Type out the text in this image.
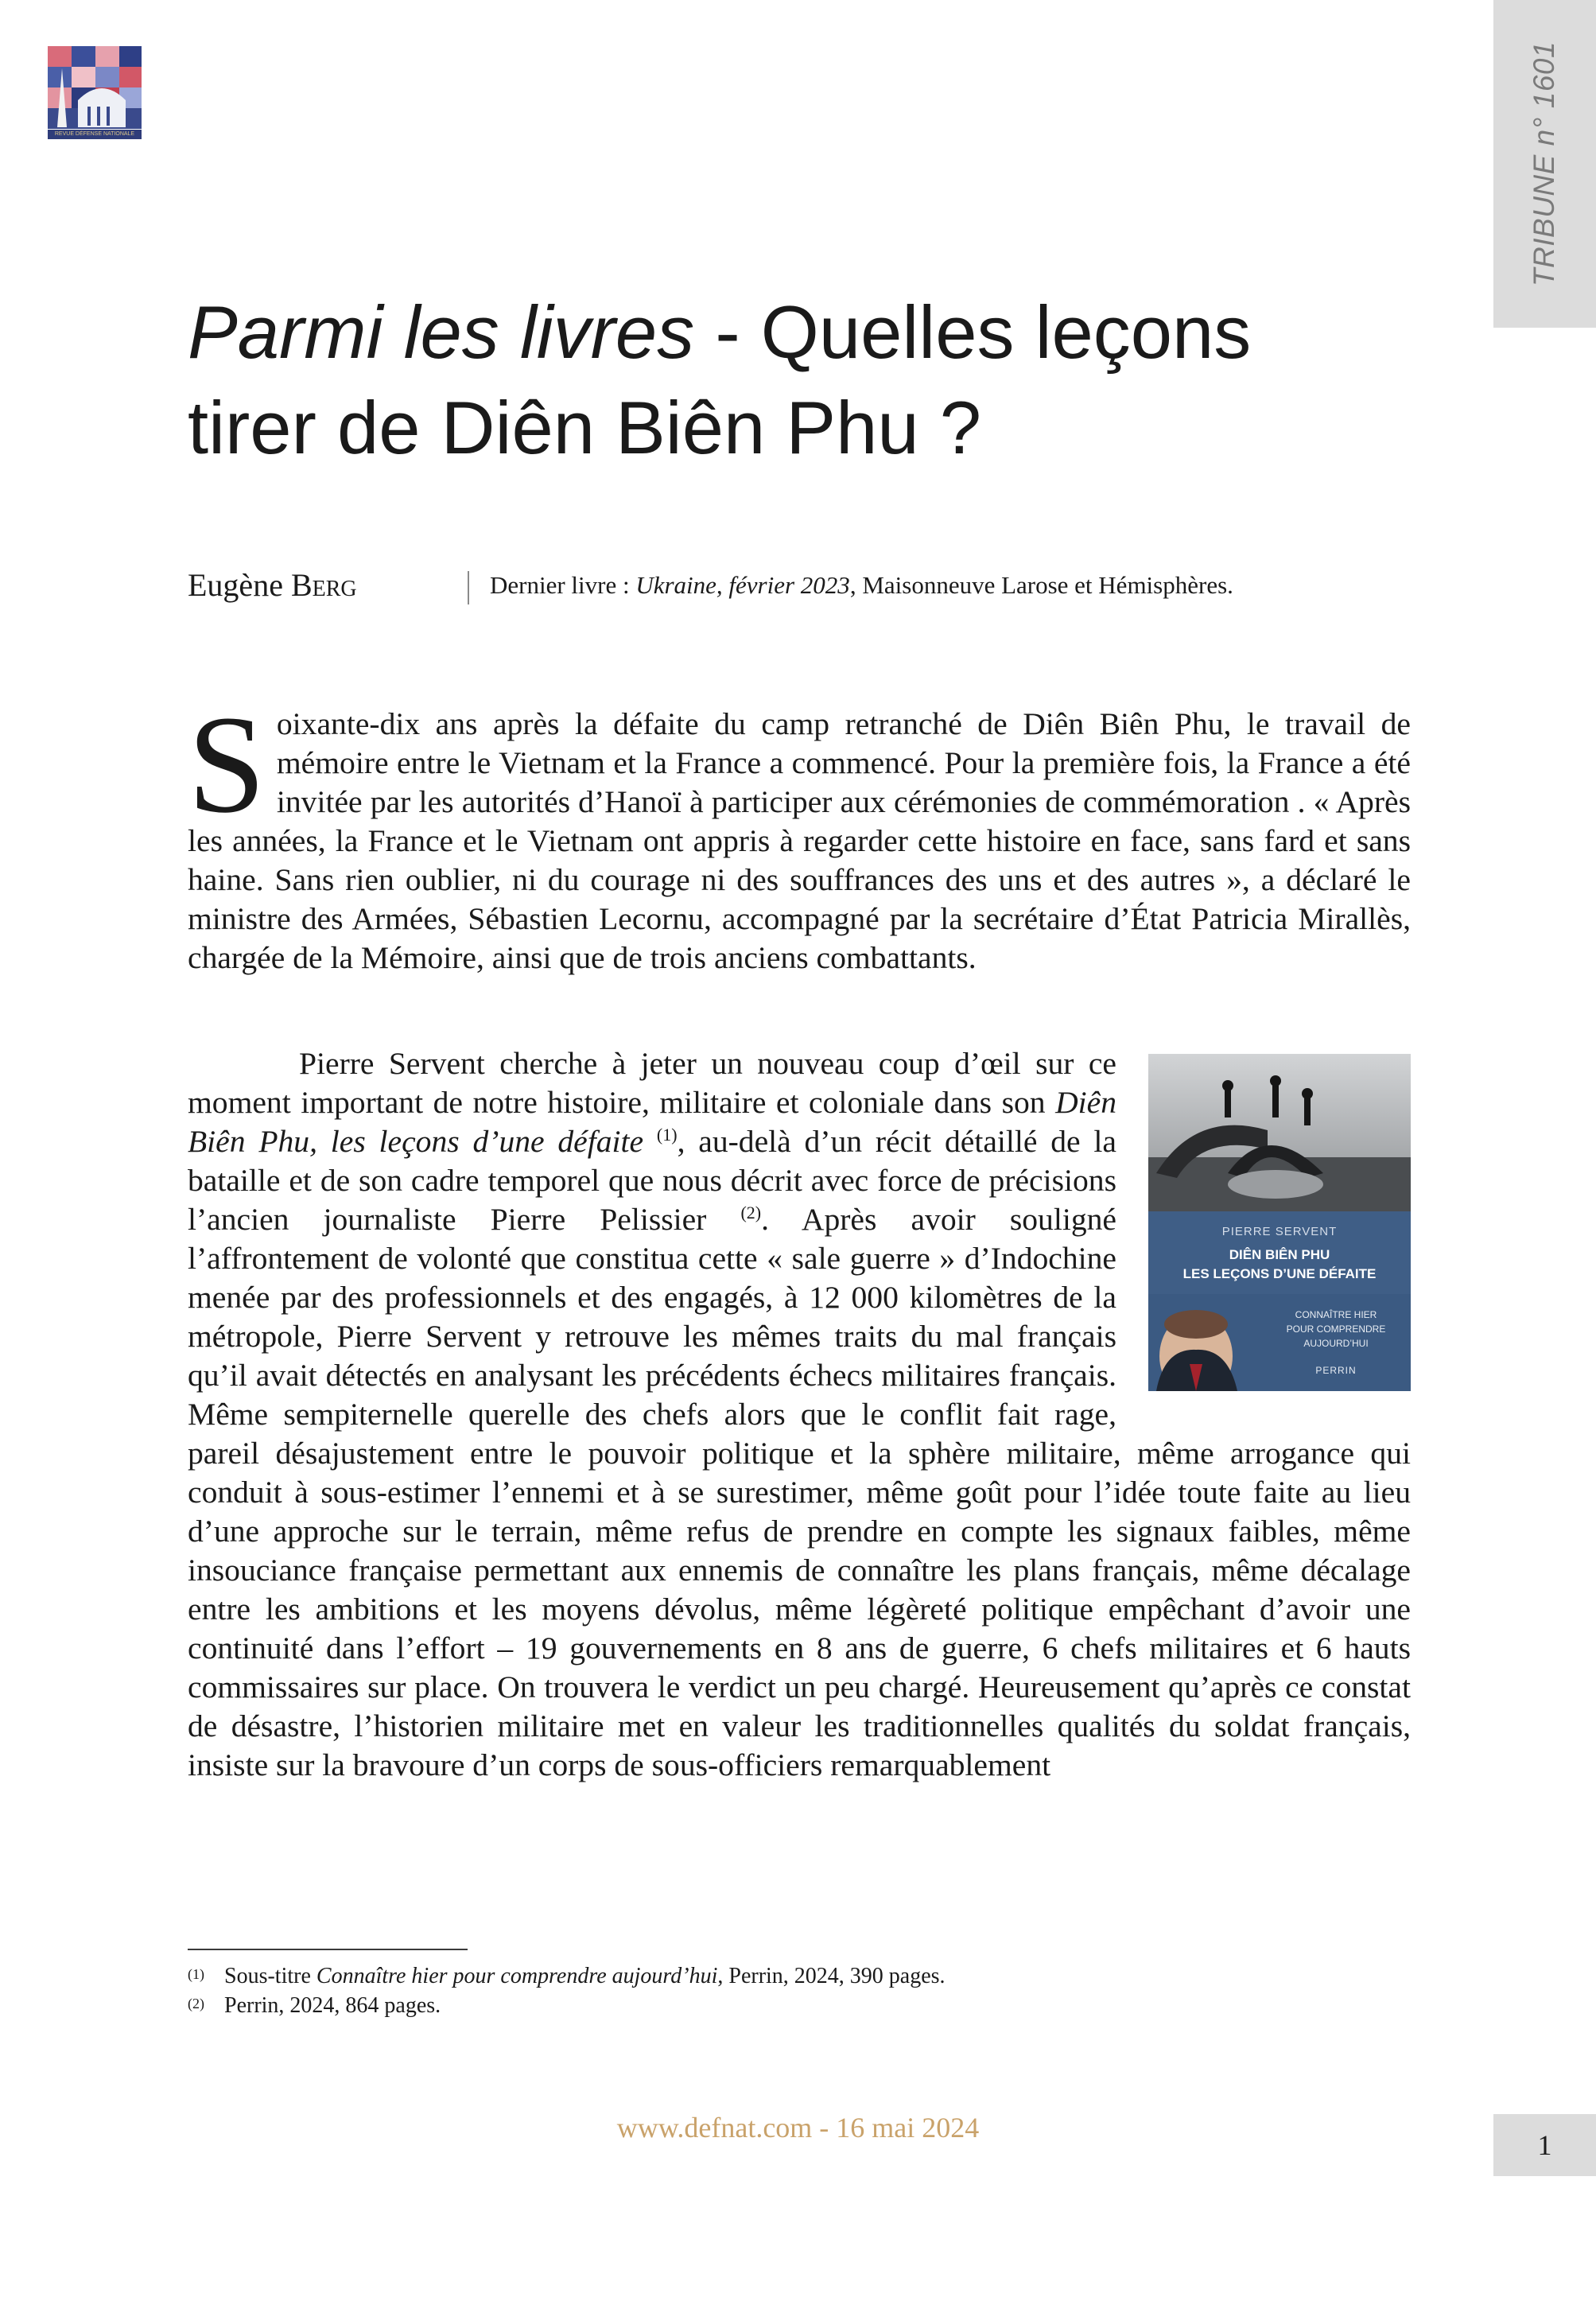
REVUE DÉFENSE NATIONALE	TRIBUNE n° 1601
Parmi les livres - Quelles leçons tirer de Diên Biên Phu ?
Eugène Berg	Dernier livre : Ukraine, février 2023, Maisonneuve Larose et Hémisphères.
Soixante-dix ans après la défaite du camp retranché de Diên Biên Phu, le travail de mémoire entre le Vietnam et la France a commencé. Pour la première fois, la France a été invitée par les autorités d’Hanoï à participer aux cérémonies de commémoration . « Après les années, la France et le Vietnam ont appris à regarder cette histoire en face, sans fard et sans haine. Sans rien oublier, ni du courage ni des souffrances des uns et des autres », a déclaré le ministre des Armées, Sébastien Lecornu, accompagné par la secrétaire d’État Patricia Mirallès, chargée de la Mémoire, ainsi que de trois anciens combattants.
PIERRE SERVENT
DIÊN BIÊN PHU
LES LEÇONS D’UNE DÉFAITE
CONNAÎTRE HIER
POUR COMPRENDRE
AUJOURD’HUI
PERRIN

Pierre Servent cherche à jeter un nouveau coup d’œil sur ce moment important de notre histoire, militaire et coloniale dans son Diên Biên Phu, les leçons d’une défaite $^{(1)}$, au-delà d’un récit détaillé de la bataille et de son cadre temporel que nous décrit avec force de précisions l’ancien journaliste Pierre Pelissier $^{(2)}$. Après avoir souligné l’affrontement de volonté que constitua cette « sale guerre » d’Indochine menée par des professionnels et des engagés, à 12 000 kilomètres de la métropole, Pierre Servent y retrouve les mêmes traits du mal français qu’il avait détectés en analysant les précédents échecs militaires français. Même sempiternelle querelle des chefs alors que le conflit fait rage, pareil désajustement entre le pouvoir politique et la sphère militaire, même arrogance qui conduit à sous-estimer l’ennemi et à se surestimer, même goût pour l’idée toute faite au lieu d’une approche sur le terrain, même refus de prendre en compte les signaux faibles, même insouciance française permettant aux ennemis de connaître les plans français, même décalage entre les ambitions et les moyens dévolus, même légèreté politique empêchant d’avoir une continuité dans l’effort – 19 gouvernements en 8 ans de guerre, 6 chefs militaires et 6 hauts commissaires sur place. On trouvera le verdict un peu chargé. Heureusement qu’après ce constat de désastre, l’historien militaire met en valeur les traditionnelles qualités du soldat français, insiste sur la bravoure d’un corps de sous-officiers remarquablement

(1) Sous-titre Connaître hier pour comprendre aujourd’hui, Perrin, 2024, 390 pages.
(2) Perrin, 2024, 864 pages.
www.defnat.com - 16 mai 2024
1
